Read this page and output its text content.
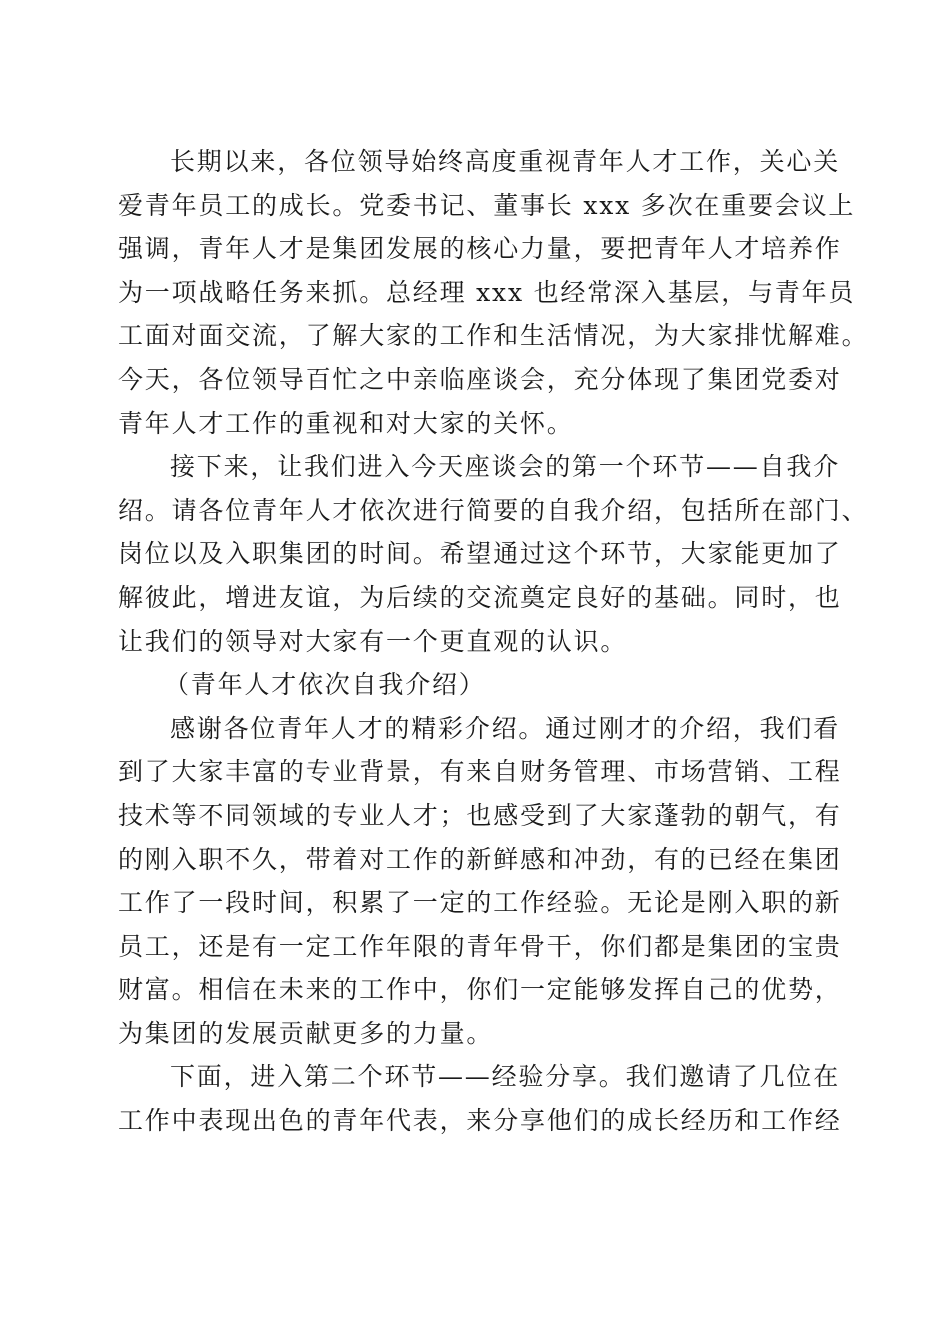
长期以来，各位领导始终高度重视青年人才工作，关心关
爱青年员工的成长。党委书记、董事长 xxx 多次在重要会议上
强调，青年人才是集团发展的核心力量，要把青年人才培养作
为一项战略任务来抓。总经理 xxx 也经常深入基层，与青年员
工面对面交流，了解大家的工作和生活情况，为大家排忧解难。
今天，各位领导百忙之中亲临座谈会，充分体现了集团党委对
青年人才工作的重视和对大家的关怀。
接下来，让我们进入今天座谈会的第一个环节——自我介
绍。请各位青年人才依次进行简要的自我介绍，包括所在部门、
岗位以及入职集团的时间。希望通过这个环节，大家能更加了
解彼此，增进友谊，为后续的交流奠定良好的基础。同时，也
让我们的领导对大家有一个更直观的认识。
（青年人才依次自我介绍）
感谢各位青年人才的精彩介绍。通过刚才的介绍，我们看
到了大家丰富的专业背景，有来自财务管理、市场营销、工程
技术等不同领域的专业人才；也感受到了大家蓬勃的朝气，有
的刚入职不久，带着对工作的新鲜感和冲劲，有的已经在集团
工作了一段时间，积累了一定的工作经验。无论是刚入职的新
员工，还是有一定工作年限的青年骨干，你们都是集团的宝贵
财富。相信在未来的工作中，你们一定能够发挥自己的优势，
为集团的发展贡献更多的力量。
下面，进入第二个环节——经验分享。我们邀请了几位在
工作中表现出色的青年代表，来分享他们的成长经历和工作经
